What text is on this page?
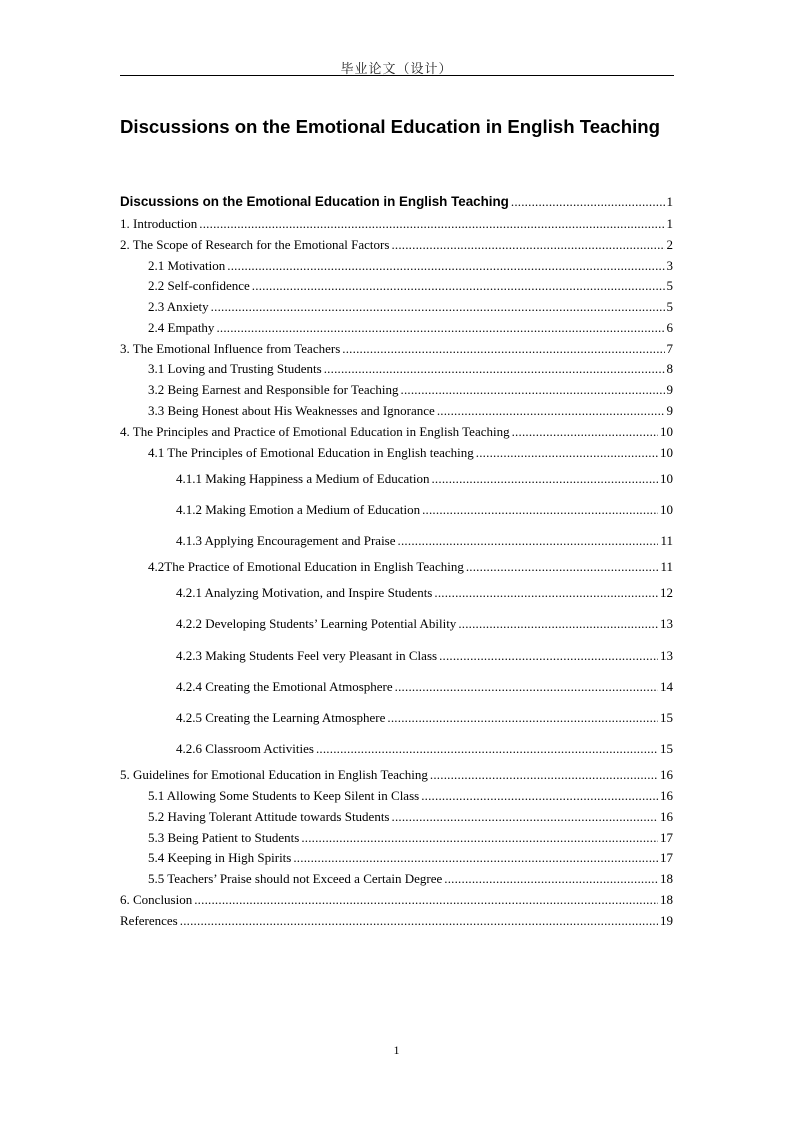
毕业论文（设计）
Discussions on the Emotional Education in English Teaching
Discussions on the Emotional Education in English Teaching .....	1
1. Introduction .....	1
2. The Scope of Research for the Emotional Factors .....	2
2.1 Motivation .....	3
2.2 Self-confidence .....	5
2.3 Anxiety .....	5
2.4 Empathy .....	6
3. The Emotional Influence from Teachers .....	7
3.1 Loving and Trusting Students .....	8
3.2 Being Earnest and Responsible for Teaching .....	9
3.3 Being Honest about His Weaknesses and Ignorance .....	9
4. The Principles and Practice of Emotional Education in English Teaching .....	10
4.1 The Principles of Emotional Education in English teaching .....	10
4.1.1 Making Happiness a Medium of Education .....	10
4.1.2 Making Emotion a Medium of Education .....	10
4.1.3 Applying Encouragement and Praise .....	11
4.2The Practice of Emotional Education in English Teaching .....	11
4.2.1 Analyzing Motivation, and Inspire Students .....	12
4.2.2 Developing Students’ Learning Potential Ability .....	13
4.2.3 Making Students Feel very Pleasant in Class .....	13
4.2.4 Creating the Emotional Atmosphere .....	14
4.2.5 Creating the Learning Atmosphere .....	15
4.2.6 Classroom Activities .....	15
5. Guidelines for Emotional Education in English Teaching .....	16
5.1 Allowing Some Students to Keep Silent in Class .....	16
5.2 Having Tolerant Attitude towards Students .....	16
5.3 Being Patient to Students .....	17
5.4 Keeping in High Spirits .....	17
5.5 Teachers’ Praise should not Exceed a Certain Degree .....	18
6. Conclusion .....	18
References .....	19
1
